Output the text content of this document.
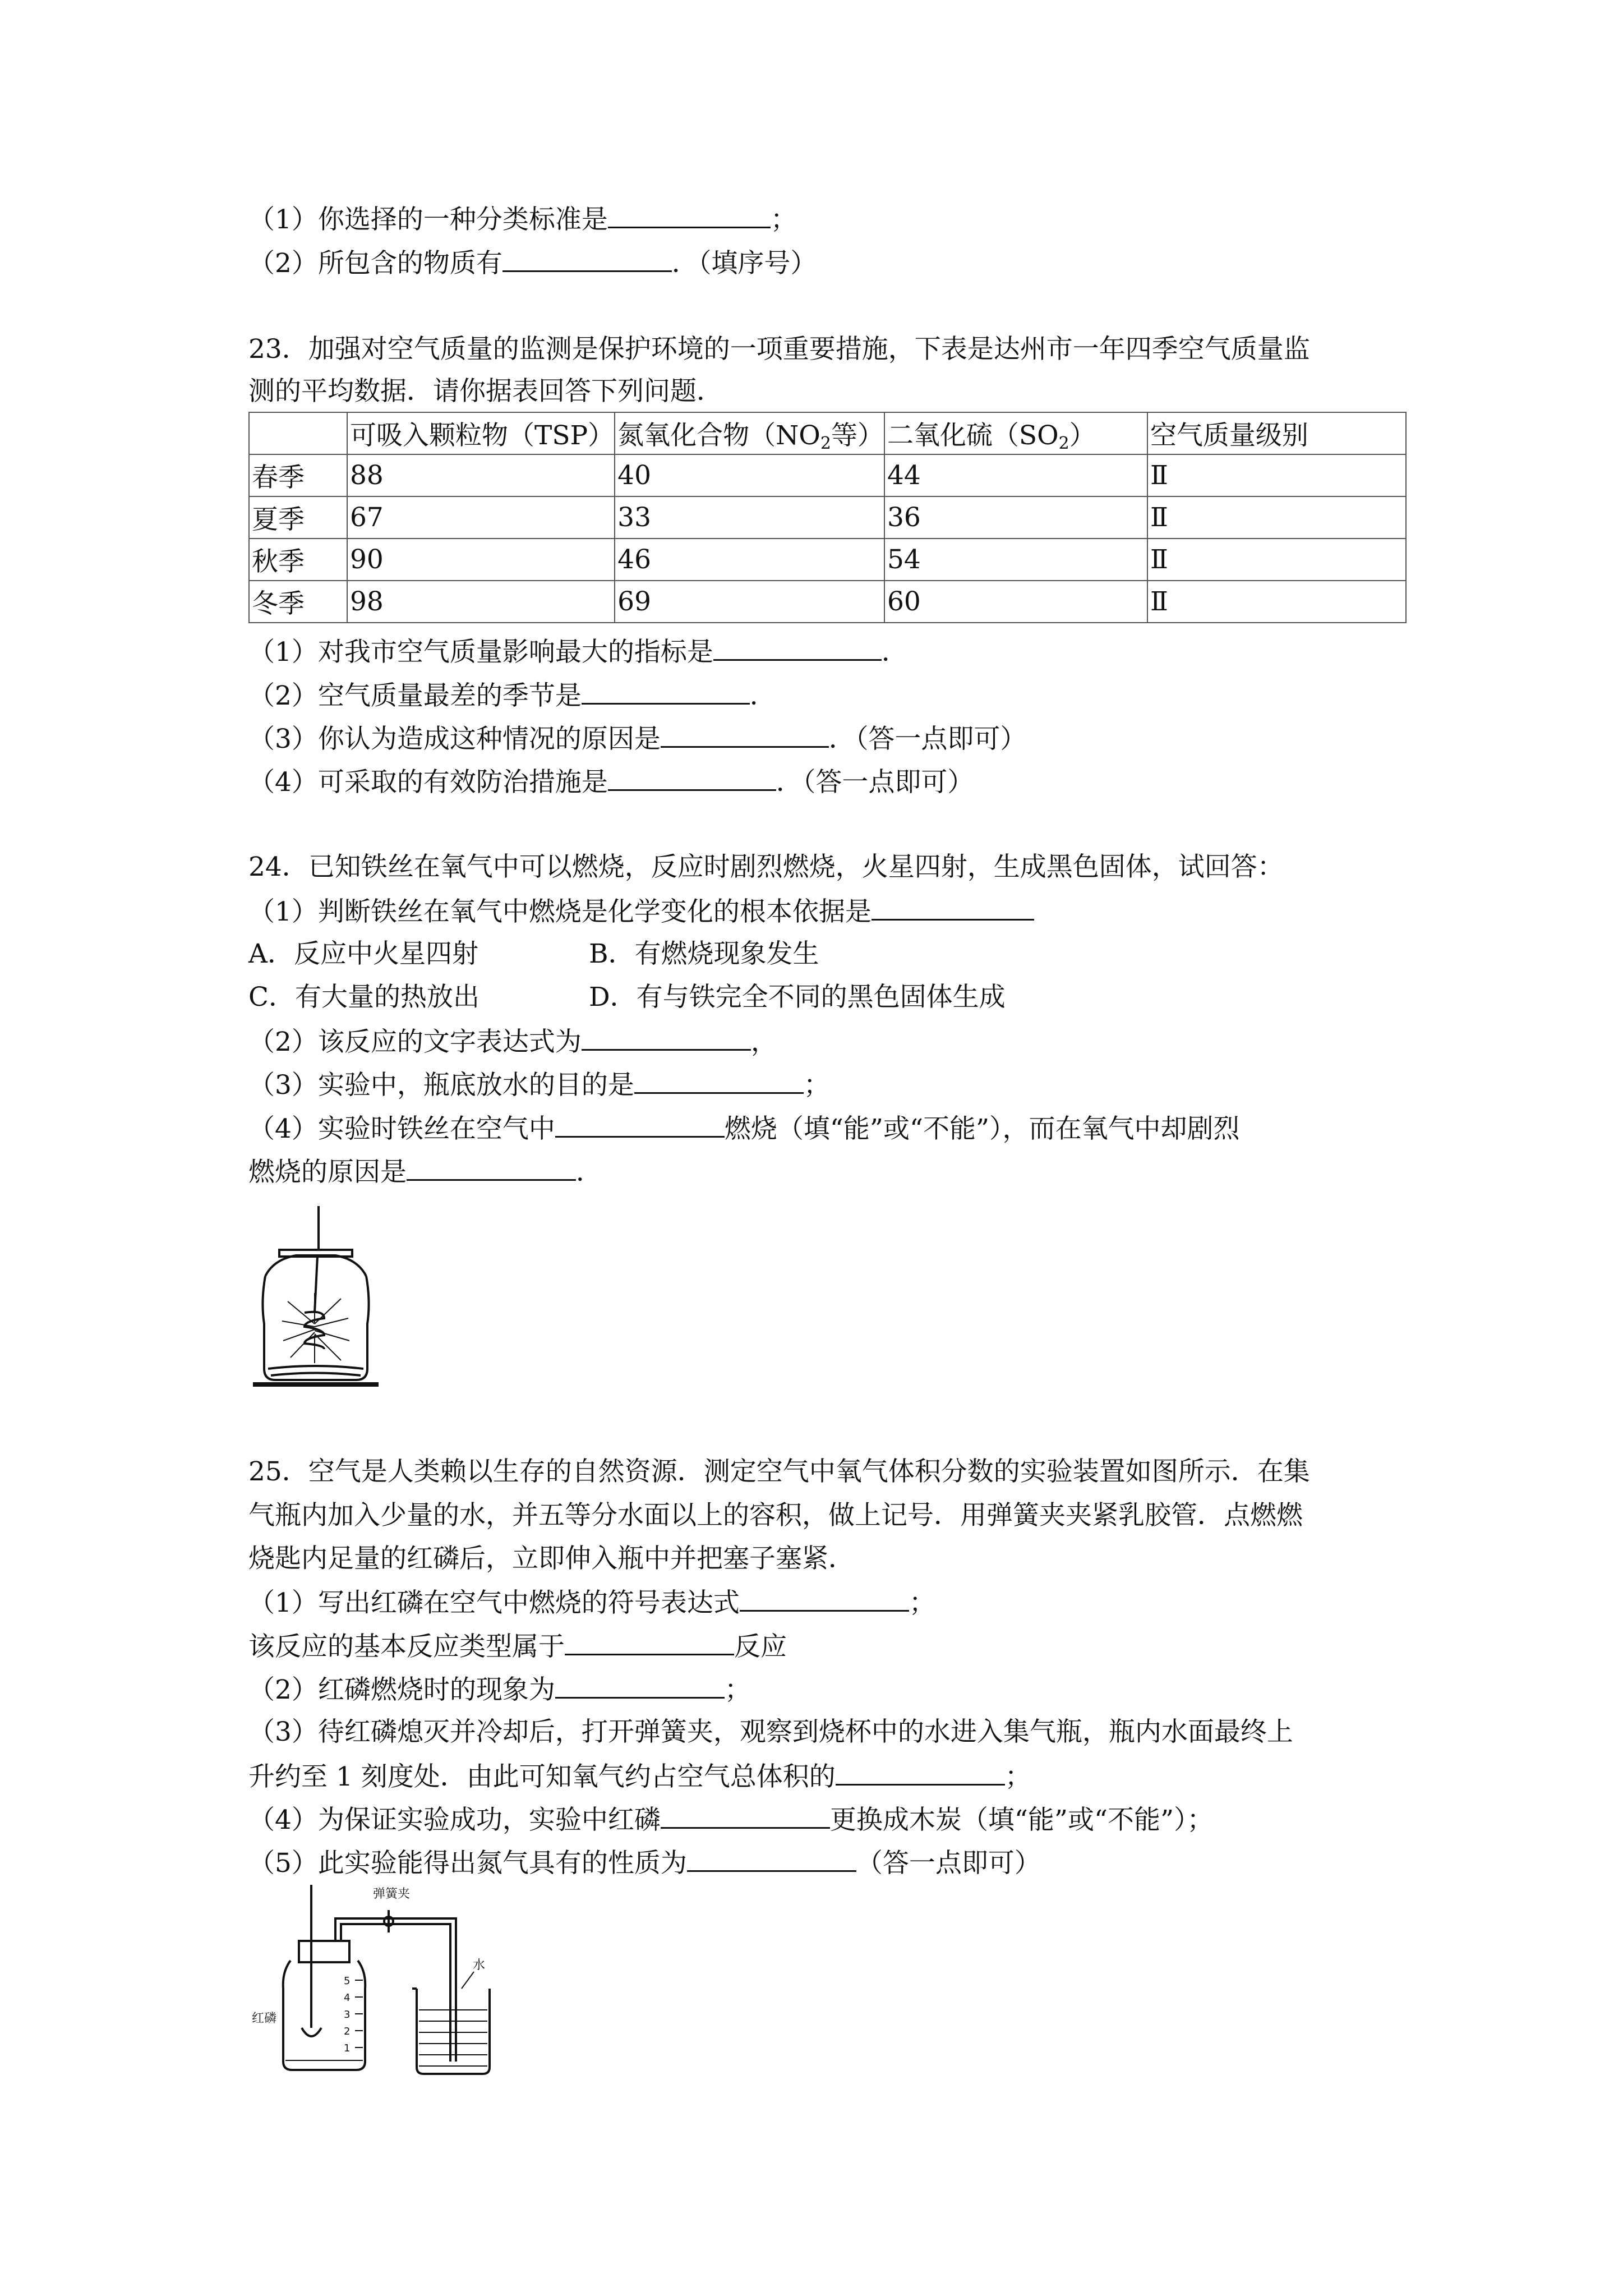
（1）你选择的一种分类标准是	；
（2）所包含的物质有	．（填序号）
23．加强对空气质量的监测是保护环境的一项重要措施，下表是达州市一年四季空气质量监
测的平均数据．请你据表回答下列问题．
	可吸入颗粒物（TSP）	氮氧化合物（$NO_2$等）	二氧化硫$(SO_2)$	空气质量级别
春季	88	40	44	Ⅱ
夏季	67	33	36	Ⅱ
秋季	90	46	54	Ⅱ
冬季	98	69	60	Ⅱ
（1）对我市空气质量影响最大的指标是	．
（2）空气质量最差的季节是	．
（3）你认为造成这种情况的原因是	．（答一点即可）
（4）可采取的有效防治措施是	．（答一点即可）
24．已知铁丝在氧气中可以燃烧，反应时剧烈燃烧，火星四射，生成黑色固体，试回答：
（1）判断铁丝在氧气中燃烧是化学变化的根本依据是
A．反应中火星四射	B．有燃烧现象发生
C．有大量的热放出	D．有与铁完全不同的黑色固体生成
（2）该反应的文字表达式为	，
（3）实验中，瓶底放水的目的是	；
（4）实验时铁丝在空气中	燃烧（填“能”或“不能”），而在氧气中却剧烈
燃烧的原因是	．
25．空气是人类赖以生存的自然资源．测定空气中氧气体积分数的实验装置如图所示．在集
气瓶内加入少量的水，并五等分水面以上的容积，做上记号．用弹簧夹夹紧乳胶管．点燃燃
烧匙内足量的红磷后，立即伸入瓶中并把塞子塞紧．
（1）写出红磷在空气中燃烧的符号表达式	；
该反应的基本反应类型属于	反应
（2）红磷燃烧时的现象为	；
（3）待红磷熄灭并冷却后，打开弹簧夹，观察到烧杯中的水进入集气瓶，瓶内水面最终上
升约至 1 刻度处．由此可知氧气约占空气总体积的	；
（4）为保证实验成功，实验中红磷	更换成木炭（填“能”或“不能”）；
（5）此实验能得出氮气具有的性质为	（答一点即可）
弹簧夹
水
红磷
5
4
3
2
1
